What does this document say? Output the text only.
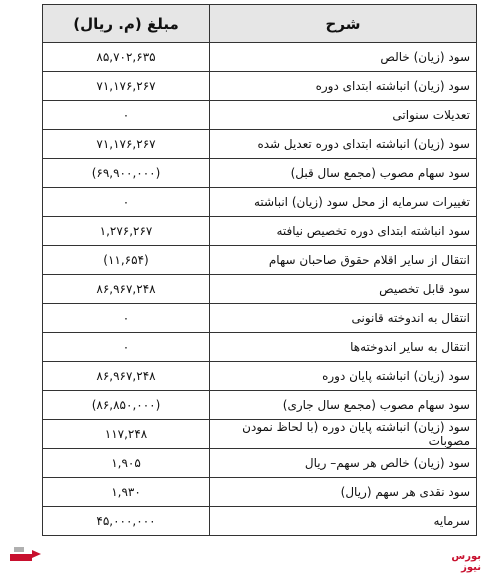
شرح	مبلغ (م. ریال)
سود (زیان) خالص	۸۵,۷۰۲,۶۳۵
سود (زیان) انباشته ابتدای دوره	۷۱,۱۷۶,۲۶۷
تعدیلات سنواتی	۰
سود (زیان) انباشته ابتدای دوره تعدیل شده	۷۱,۱۷۶,۲۶۷
سود سهام مصوب (مجمع سال قبل)	(۶۹,۹۰۰,۰۰۰)
تغییرات سرمایه از محل سود (زیان) انباشته	۰
سود انباشته ابتدای دوره تخصیص نیافته	۱,۲۷۶,۲۶۷
انتقال از سایر اقلام حقوق صاحبان سهام	(۱۱,۶۵۴)
سود قابل تخصیص	۸۶,۹۶۷,۲۴۸
انتقال به اندوخته قانونی	۰
انتقال به سایر اندوخته‌ها	۰
سود (زیان) انباشته پایان دوره	۸۶,۹۶۷,۲۴۸
سود سهام مصوب (مجمع سال جاری)	(۸۶,۸۵۰,۰۰۰)
سود (زیان) انباشته پایان دوره (با لحاظ نمودن مصوبات	۱۱۷,۲۴۸
سود (زیان) خالص هر سهم– ریال	۱,۹۰۵
سود نقدی هر سهم (ریال)	۱,۹۳۰
سرمایه	۴۵,۰۰۰,۰۰۰
بورس نیوز
